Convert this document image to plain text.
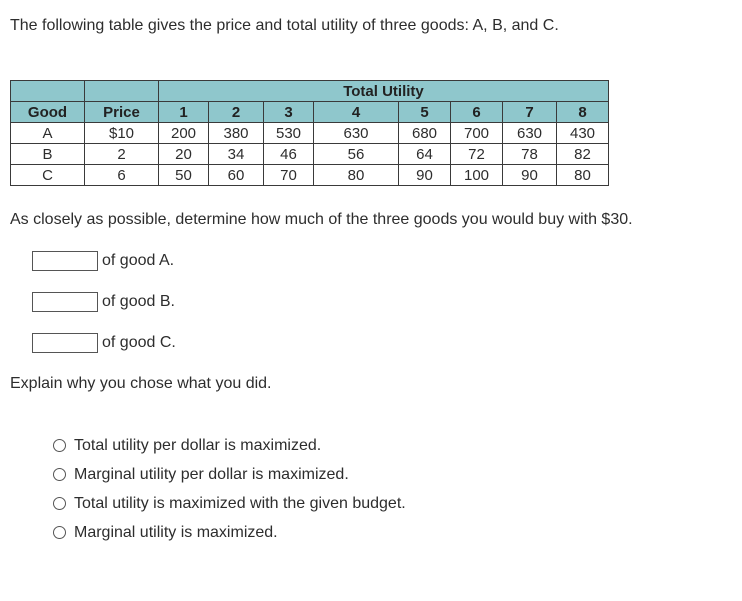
The following table gives the price and total utility of three goods: A, B, and C.
		Total Utility							
Good	Price	1	2	3	4	5	6	7	8
A	$10	200	380	530	630	680	700	630	430
B	2	20	34	46	56	64	72	78	82
C	6	50	60	70	80	90	100	90	80
As closely as possible, determine how much of the three goods you would buy with $30.
of good A.
of good B.
of good C.
Explain why you chose what you did.
Total utility per dollar is maximized.
Marginal utility per dollar is maximized.
Total utility is maximized with the given budget.
Marginal utility is maximized.
